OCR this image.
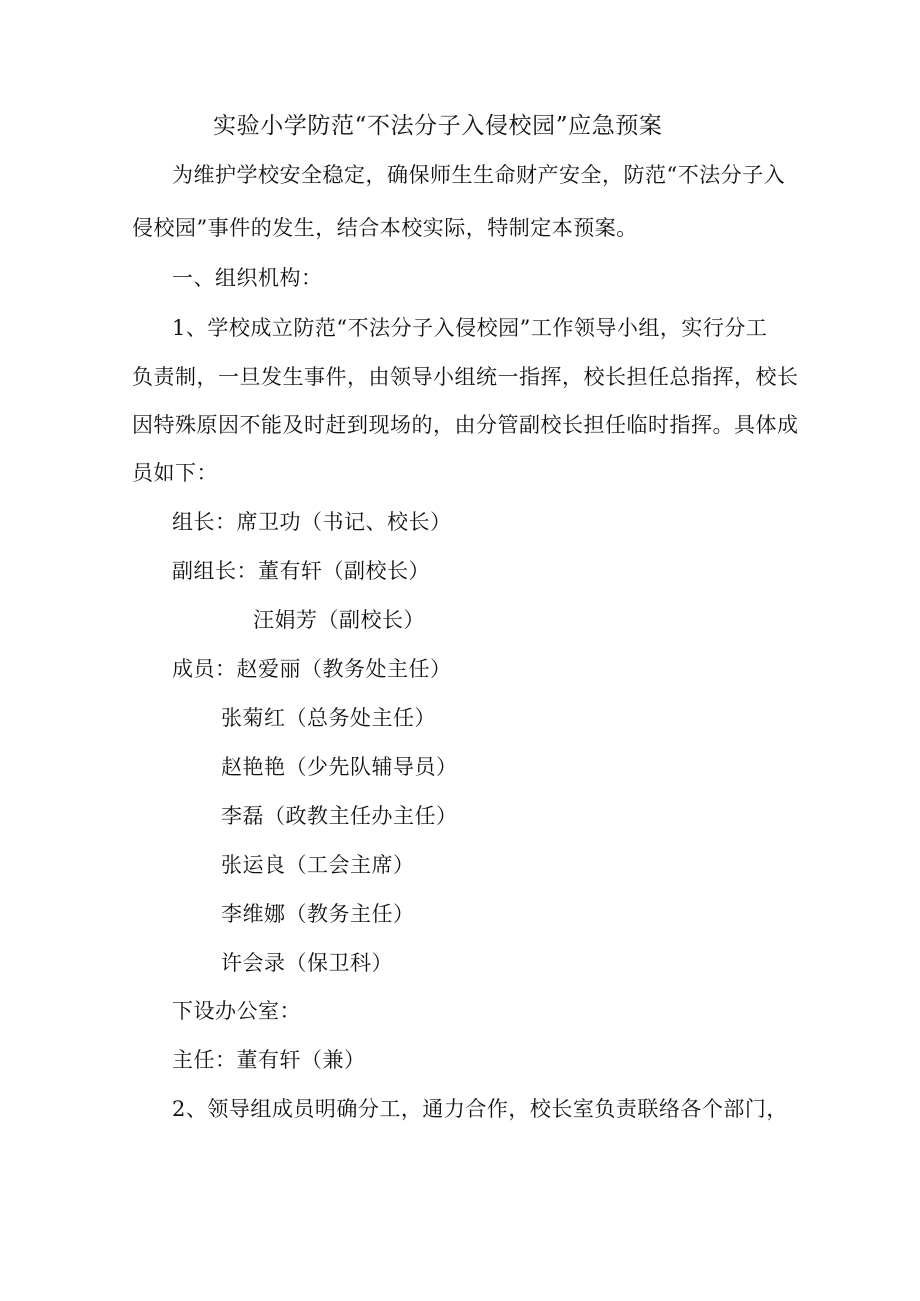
实验小学防范“不法分子入侵校园”应急预案
为维护学校安全稳定，确保师生生命财产安全，防范“不法分子入
侵校园”事件的发生，结合本校实际，特制定本预案。
一、组织机构：
1、学校成立防范“不法分子入侵校园”工作领导小组，实行分工
负责制，一旦发生事件，由领导小组统一指挥，校长担任总指挥，校长
因特殊原因不能及时赶到现场的，由分管副校长担任临时指挥。具体成
员如下：
组长：席卫功（书记、校长）
副组长：董有轩（副校长）
汪娟芳（副校长）
成员：赵爱丽（教务处主任）
张菊红（总务处主任）
赵艳艳（少先队辅导员）
李磊（政教主任办主任）
张运良（工会主席）
李维娜（教务主任）
许会录（保卫科）
下设办公室：
主任：董有轩（兼）
2、领导组成员明确分工，通力合作，校长室负责联络各个部门，
